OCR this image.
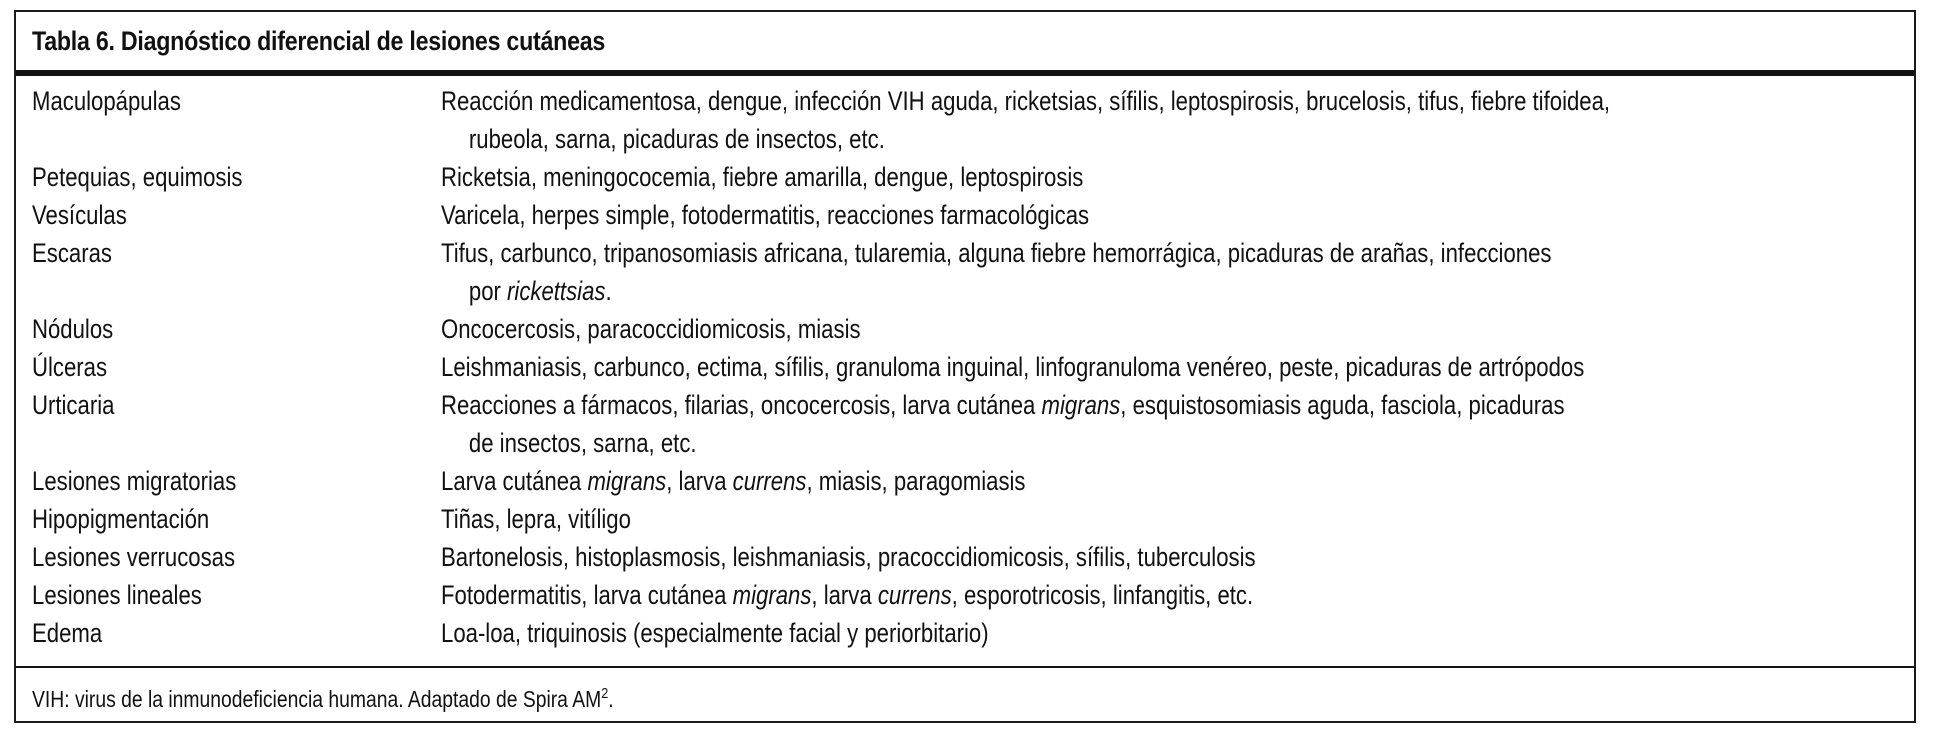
Tabla 6. Diagnóstico diferencial de lesiones cutáneas
Maculopápulas	Reacción medicamentosa, dengue, infección VIH aguda, ricketsias, sífilis, leptospirosis, brucelosis, tifus, fiebre tifoidea,
rubeola, sarna, picaduras de insectos, etc.
Petequias, equimosis	Ricketsia, meningococemia, fiebre amarilla, dengue, leptospirosis
Vesículas	Varicela, herpes simple, fotodermatitis, reacciones farmacológicas
Escaras	Tifus, carbunco, tripanosomiasis africana, tularemia, alguna fiebre hemorrágica, picaduras de arañas, infecciones
por rickettsias.
Nódulos	Oncocercosis, paracoccidiomicosis, miasis
Úlceras	Leishmaniasis, carbunco, ectima, sífilis, granuloma inguinal, linfogranuloma venéreo, peste, picaduras de artrópodos
Urticaria	Reacciones a fármacos, filarias, oncocercosis, larva cutánea migrans, esquistosomiasis aguda, fasciola, picaduras
de insectos, sarna, etc.
Lesiones migratorias	Larva cutánea migrans, larva currens, miasis, paragomiasis
Hipopigmentación	Tiñas, lepra, vitíligo
Lesiones verrucosas	Bartonelosis, histoplasmosis, leishmaniasis, pracoccidiomicosis, sífilis, tuberculosis
Lesiones lineales	Fotodermatitis, larva cutánea migrans, larva currens, esporotricosis, linfangitis, etc.
Edema	Loa-loa, triquinosis (especialmente facial y periorbitario)
VIH: virus de la inmunodeficiencia humana. Adaptado de Spira $AM^2$.
